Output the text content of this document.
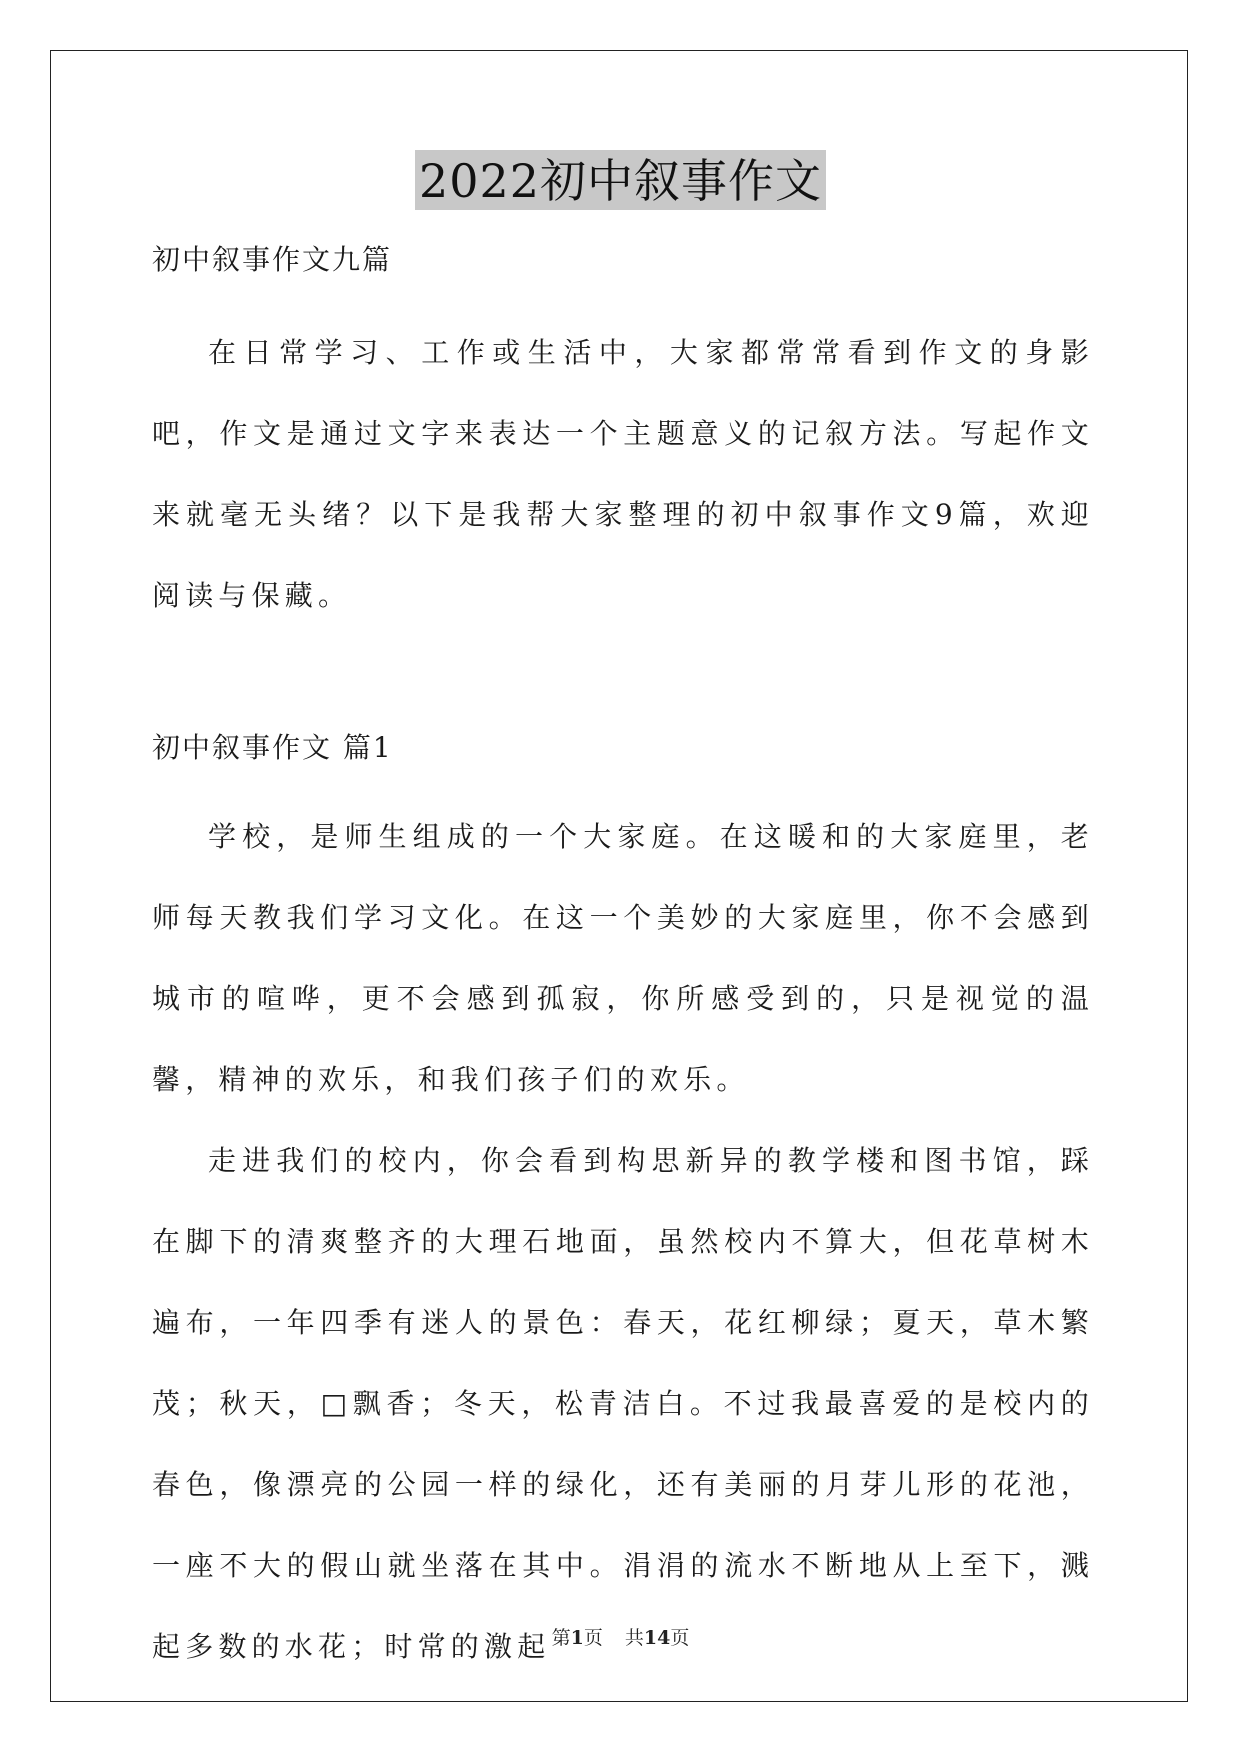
2022初中叙事作文
初中叙事作文九篇

在日常学习、工作或生活中，大家都常常看到作文的身影吧，作文是通过文字来表达一个主题意义的记叙方法。写起作文来就毫无头绪？以下是我帮大家整理的初中叙事作文9篇，欢迎阅读与保藏。

初中叙事作文 篇1

学校，是师生组成的一个大家庭。在这暖和的大家庭里，老师每天教我们学习文化。在这一个美妙的大家庭里，你不会感到城市的喧哗，更不会感到孤寂，你所感受到的，只是视觉的温馨，精神的欢乐，和我们孩子们的欢乐。

走进我们的校内，你会看到构思新异的教学楼和图书馆，踩在脚下的清爽整齐的大理石地面，虽然校内不算大，但花草树木遍布，一年四季有迷人的景色：春天，花红柳绿；夏天，草木繁茂；秋天，□飘香；冬天，松青洁白。不过我最喜爱的是校内的春色，像漂亮的公园一样的绿化，还有美丽的月芽儿形的花池，一座不大的假山就坐落在其中。涓涓的流水不断地从上至下，溅起多数的水花；时常的激起 第1页 共14页
